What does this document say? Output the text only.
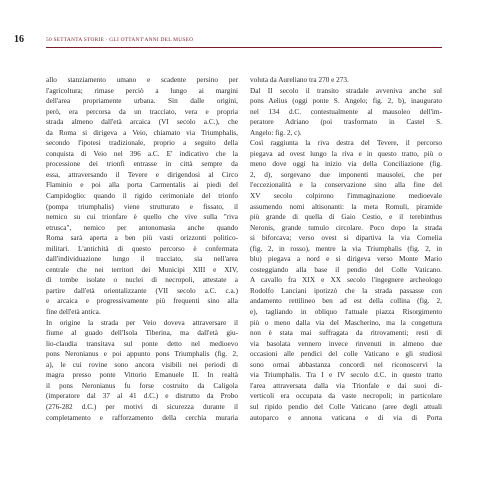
16	50 SETTANTA STORIE · GLI OTTANT'ANNI DEL MUSEO

allo stanziamento umano e scadente persino per

l'agricoltura; rimase perciò a lungo ai margini

dell'area propriamente urbana. Sin dalle origini,

però, era percorsa da un tracciato, vera e propria

strada almeno dall'età arcaica (VI secolo a.C.), che

da Roma si dirigeva a Veio, chiamato via Triumphalis,

secondo l'ipotesi tradizionale, proprio a seguito della

conquista di Veio nel 396 a.C. E' indicativo che la

processione dei trionfi entrasse in città sempre da

essa, attraversando il Tevere e dirigendosi al Circo

Flaminio e poi alla porta Carmentalis ai piedi del

Campidoglio: quando il rigido cerimoniale del trionfo

(pompa triumphalis) viene strutturato e fissato, il

nemico su cui trionfare è quello che vive sulla "riva

etrusca", nemico per antonomasia anche quando

Roma sarà aperta a ben più vasti orizzonti politico-

militari. L'antichità di questo percorso è confermata

dall'individuazione lungo il tracciato, sia nell'area

centrale che nei territori dei Municipi XIII e XIV,

di tombe isolate o nuclei di necropoli, attestate a

partire dall'età orientalizzante (VII secolo a.C. c.a.)

e arcaica e progressivamente più frequenti sino alla

fine dell'età antica.

In origine la strada per Veio doveva attraversare il

fiume al guado dell'Isola Tiberina, ma dall'età giu-

lio-claudia transitava sul ponte detto nel medioevo

pons Neronianus e poi appunto pons Triumphalis (fig. 2,

a), le cui rovine sono ancora visibili nei periodi di

magra presso ponte Vittorio Emanuele II. In realtà

il pons Neronianus fu forse costruito da Caligola

(imperatore dal 37 al 41 d.C.) e distrutto da Probo

(276-282 d.C.) per motivi di sicurezza durante il

completamento e rafforzamento della cerchia muraria

voluta da Aureliano tra 270 e 273.

Dal II secolo il transito stradale avveniva anche sul

pons Aelius (oggi ponte S. Angelo; fig. 2, b), inaugurato

nel 134 d.C. contestualmente al mausoleo dell'im-

peratore Adriano (poi trasformato in Castel S.

Angelo: fig. 2, c).

Così raggiunta la riva destra del Tevere, il percorso

piegava ad ovest lungo la riva e in questo tratto, più o

meno dove oggi ha inizio via della Conciliazione (fig.

2, d), sorgevano due imponenti mausolei, che per

l'eccezionalità e la conservazione sino alla fine del

XV secolo colpirono l'immaginazione medioevale

assumendo nomi altisonanti: la meta Romuli, piramide

più grande di quella di Gaio Cestio, e il terebinthus

Neronis, grande tumulo circolare. Poco dopo la strada

si biforcava; verso ovest si dipartiva la via Cornelia

(fig. 2, in rosso), mentre la via Triumphalis (fig. 2, in

blu) piegava a nord e si dirigeva verso Monte Mario

costeggiando alla base il pendio del Colle Vaticano.

A cavallo fra XIX e XX secolo l'ingegnere archeologo

Rodolfo Lanciani ipotizzò che la strada passasse con

andamento rettilineo ben ad est della collina (fig. 2,

e), tagliando in obliquo l'attuale piazza Risorgimento

più o meno dalla via del Mascherino, ma la congettura

non è stata mai suffragata da ritrovamenti; resti di

via basolata vennero invece rinvenuti in almeno due

occasioni alle pendici del colle Vaticano e gli studiosi

sono ormai abbastanza concordi nel riconoscervi la

via Triumphalis. Tra I e IV secolo d.C. in questo tratto

l'area attraversata dalla via Trionfale e dai suoi di-

verticoli era occupata da vaste necropoli; in particolare

sul ripido pendio del Colle Vaticano (aree degli attuali

autoparco e annona vaticana e di via di Porta
